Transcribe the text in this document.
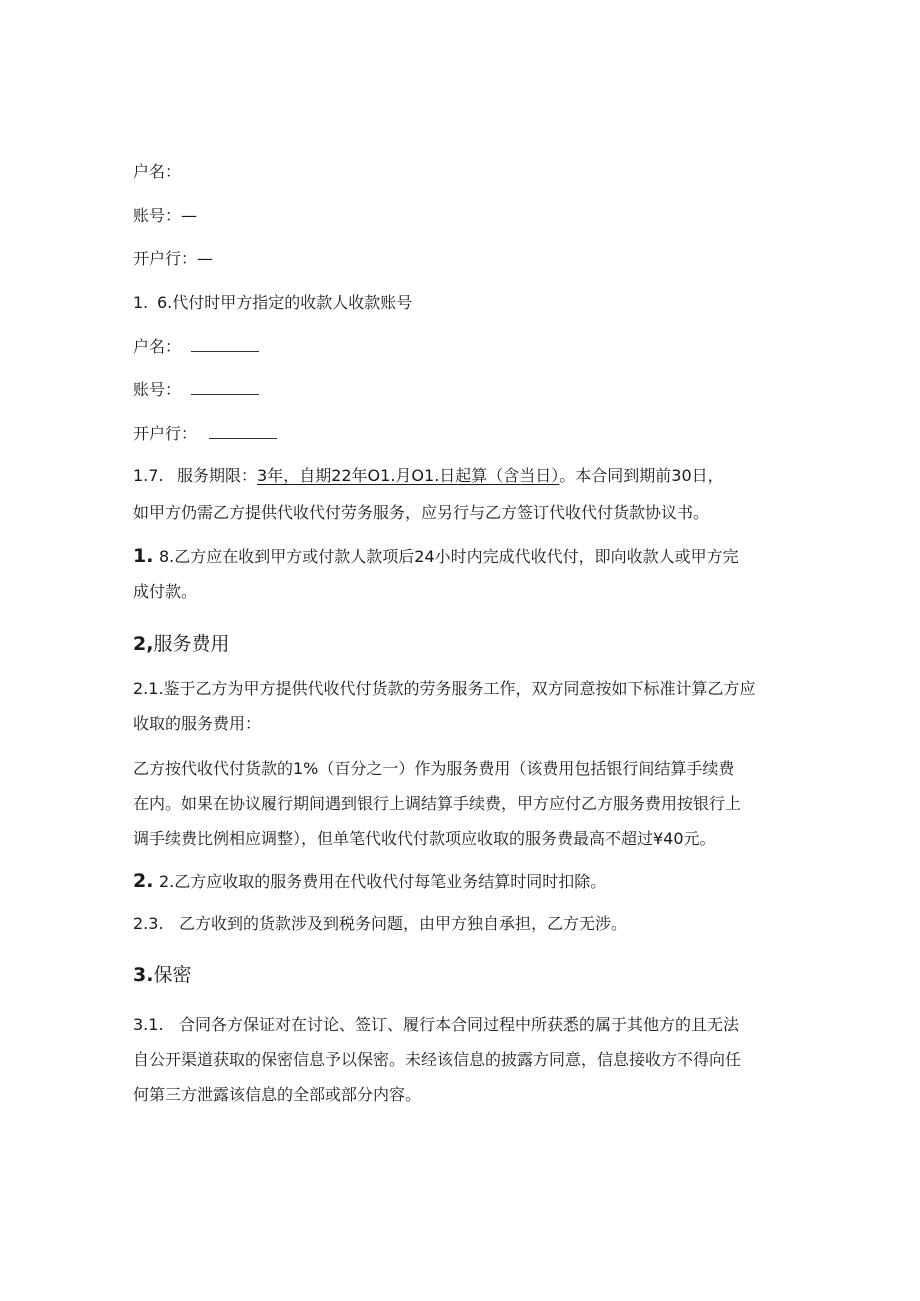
户名：
账号：—
开户行：—
1. 6.代付时甲方指定的收款人收款账号
户名：
账号：
开户行：
1.7. 服务期限：3年，自期22年O1.月O1.日起算（含当日）。本合同到期前30日，
如甲方仍需乙方提供代收代付劳务服务，应另行与乙方签订代收代付货款协议书。
1. 8.乙方应在收到甲方或付款人款项后24小时内完成代收代付，即向收款人或甲方完
成付款。
2,服务费用
2.1.鉴于乙方为甲方提供代收代付货款的劳务服务工作，双方同意按如下标准计算乙方应
收取的服务费用：
乙方按代收代付货款的1%（百分之一）作为服务费用（该费用包括银行间结算手续费
在内。如果在协议履行期间遇到银行上调结算手续费，甲方应付乙方服务费用按银行上
调手续费比例相应调整），但单笔代收代付款项应收取的服务费最高不超过¥40元。
2. 2.乙方应收取的服务费用在代收代付每笔业务结算时同时扣除。
2.3. 乙方收到的货款涉及到税务问题，由甲方独自承担，乙方无涉。
3.保密
3.1. 合同各方保证对在讨论、签订、履行本合同过程中所获悉的属于其他方的且无法
自公开渠道获取的保密信息予以保密。未经该信息的披露方同意，信息接收方不得向任
何第三方泄露该信息的全部或部分内容。
